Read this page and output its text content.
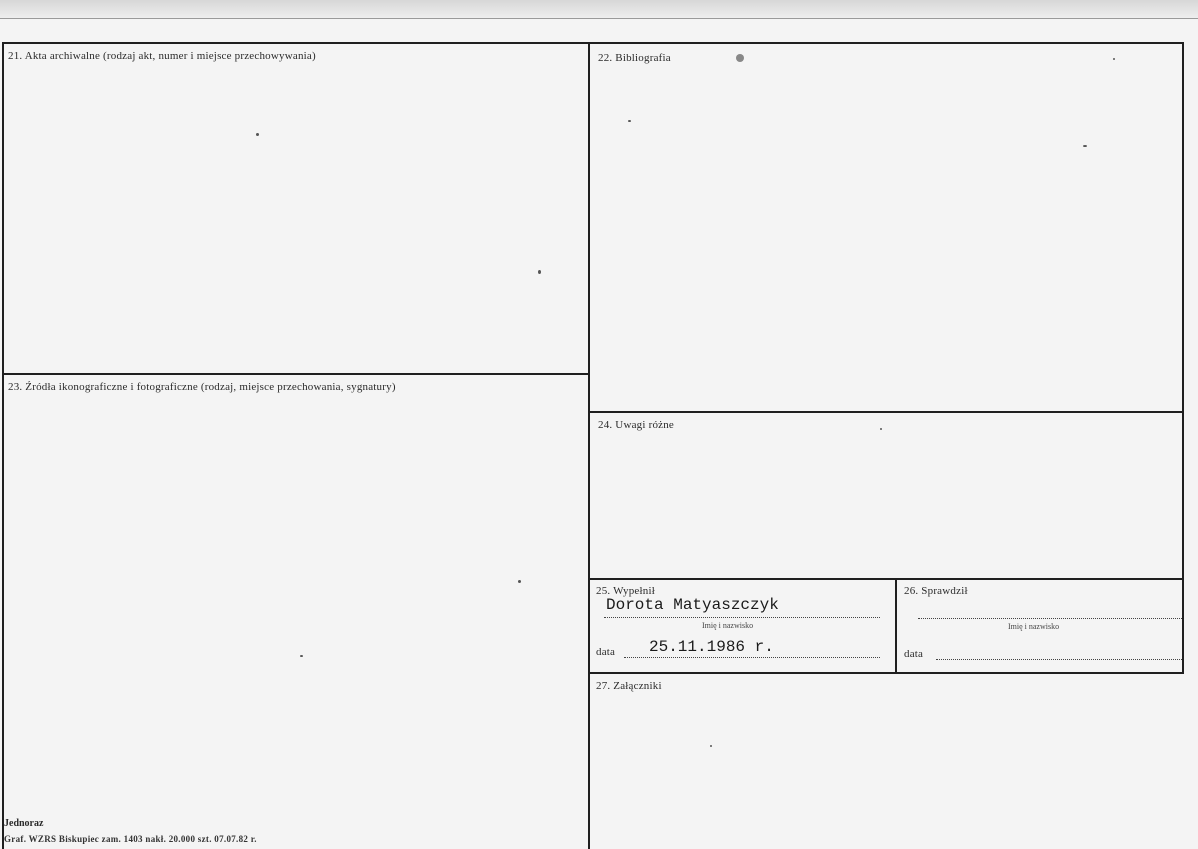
21. Akta archiwalne (rodzaj akt, numer i miejsce przechowywania)	22. Bibliografia
23. Źródła ikonograficzne i fotograficzne (rodzaj, miejsce przechowania, sygnatury)
24. Uwagi różne
25. Wypełnił
Dorota Matyaszczyk
Imię i nazwisko
data 25.11.1986 r.
26. Sprawdził
Imię i nazwisko
data
27. Załączniki
Jednoraz
Graf. WZRS Biskupiec zam. 1403 nakł. 20.000 szt. 07.07.82 r.
